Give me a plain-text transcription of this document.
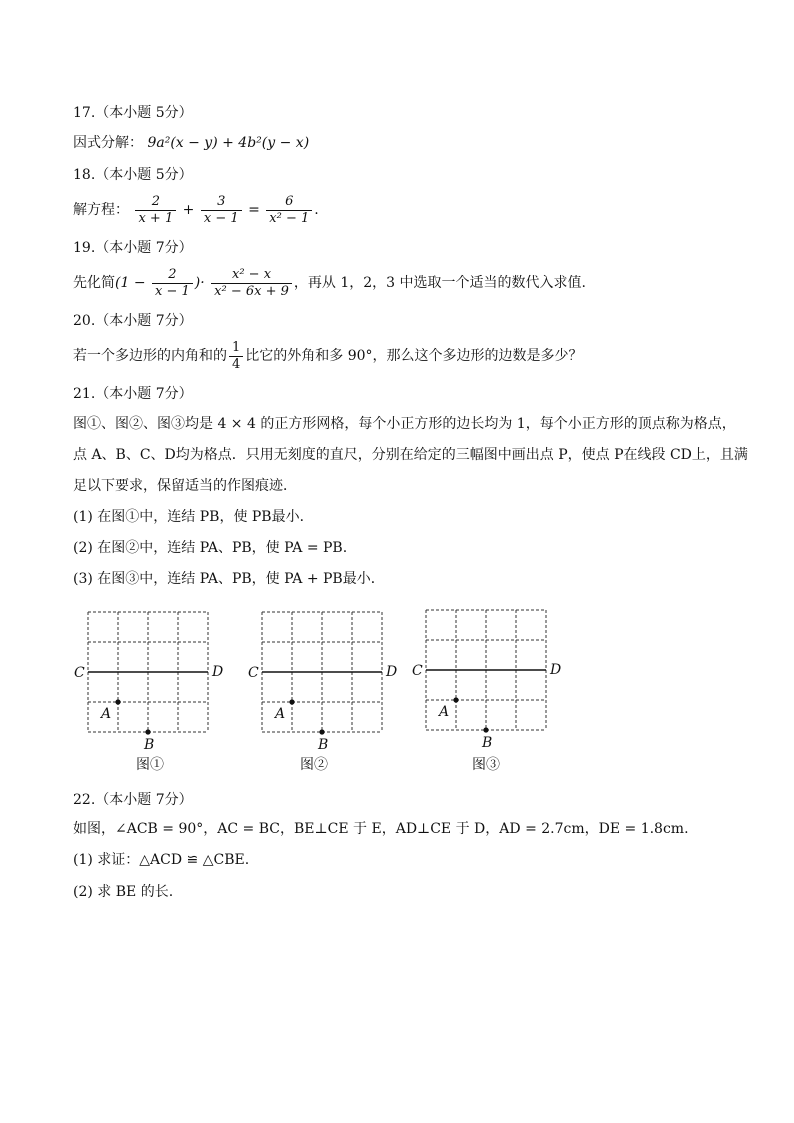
17.（本小题 5分）
因式分解： 9a²(x − y) + 4b²(y − x)
18.（本小题 5分）
解方程： $\frac{2}{x + 1} + \frac{3}{x - 1} = \frac{6}{\text{x² − 1}}$ .
19.（本小题 7分）
先化简($1 - \frac{2}{x - 1}$ )· $\frac{\text{x² − x}}{\text{x² − 6x + 9}}$ ，再从 1，2，3 中选取一个适当的数代入求值.
20.（本小题 7分）
若一个多边形的内角和的 $\frac{1}{4}$ 比它的外角和多 90°，那么这个多边形的边数是多少？
21.（本小题 7分）
图①、图②、图③均是 4 × 4 的正方形网格，每个小正方形的边长均为 1，每个小正方形的顶点称为格点，
点 A、B、C、D均为格点．只用无刻度的直尺，分别在给定的三幅图中画出点 P，使点 P在线段 CD上，且满
足以下要求，保留适当的作图痕迹．
(1) 在图①中，连结 PB，使 PB最小．
(2) 在图②中，连结 PA、PB，使 PA = PB.
(3) 在图③中，连结 PA、PB，使 PA + PB最小．
C	D
A
B
C	D
A
B
C	D
A
B
图①	图②	图③
22.（本小题 7分）
如图，∠ACB = 90°，AC = BC，BE⊥CE 于 E，AD⊥CE 于 D，AD = 2.7cm，DE = 1.8cm.
(1) 求证：△ACD ≌ △CBE.
(2) 求 BE 的长.
